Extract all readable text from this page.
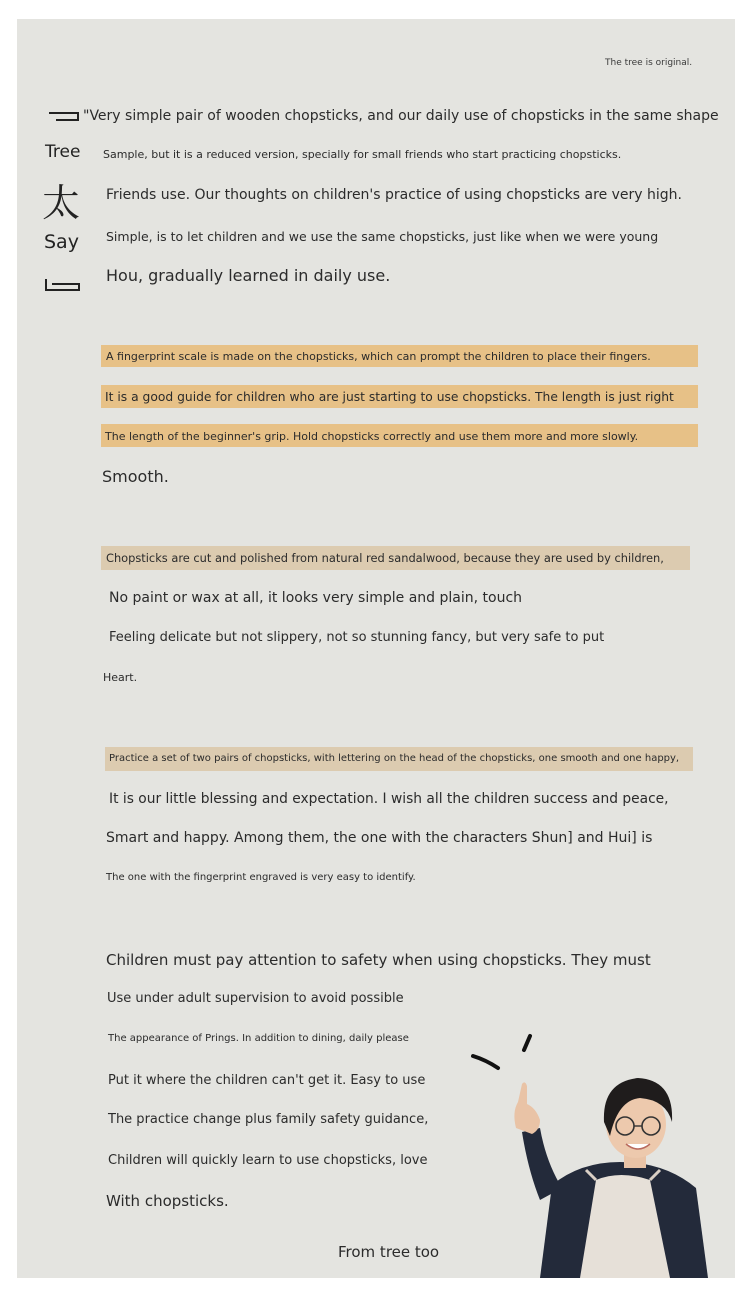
The tree is original.
Tree
太
Say
"Very simple pair of wooden chopsticks, and our daily use of chopsticks in the same shape
Sample, but it is a reduced version, specially for small friends who start practicing chopsticks.
Friends use. Our thoughts on children's practice of using chopsticks are very high.
Simple, is to let children and we use the same chopsticks, just like when we were young
Hou, gradually learned in daily use.
A fingerprint scale is made on the chopsticks, which can prompt the children to place their fingers.
It is a good guide for children who are just starting to use chopsticks. The length is just right
The length of the beginner's grip. Hold chopsticks correctly and use them more and more slowly.
Smooth.
Chopsticks are cut and polished from natural red sandalwood, because they are used by children,
No paint or wax at all, it looks very simple and plain, touch
Feeling delicate but not slippery, not so stunning fancy, but very safe to put
Heart.
Practice a set of two pairs of chopsticks, with lettering on the head of the chopsticks, one smooth and one happy,
It is our little blessing and expectation. I wish all the children success and peace,
Smart and happy. Among them, the one with the characters Shun] and Hui] is
The one with the fingerprint engraved is very easy to identify.
Children must pay attention to safety when using chopsticks. They must
Use under adult supervision to avoid possible
The appearance of Prings. In addition to dining, daily please
Put it where the children can't get it. Easy to use
The practice change plus family safety guidance,
Children will quickly learn to use chopsticks, love
With chopsticks.
From tree too
